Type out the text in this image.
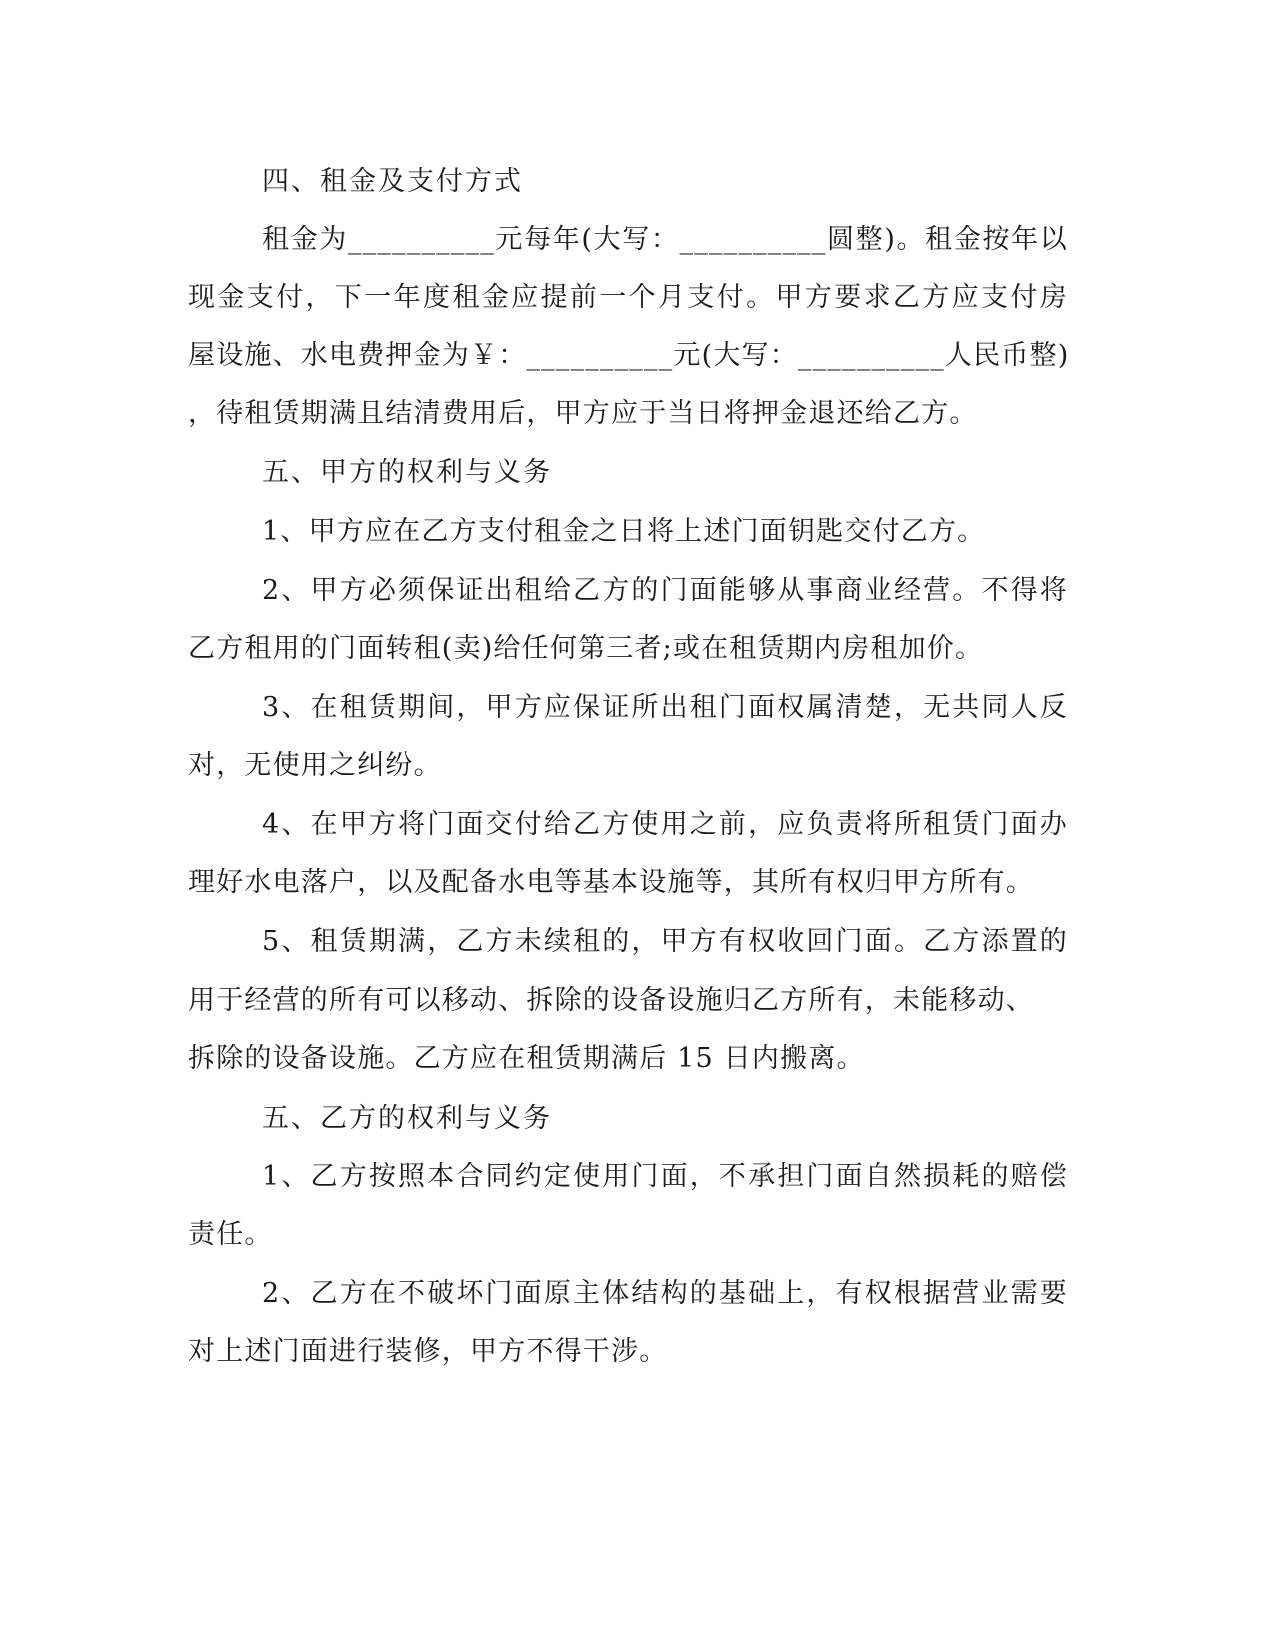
四、租金及支付方式
租金为__________元每年(大写：__________圆整)。租金按年以
现金支付，下一年度租金应提前一个月支付。甲方要求乙方应支付房
屋设施、水电费押金为￥：__________元(大写：__________人民币整)
，待租赁期满且结清费用后，甲方应于当日将押金退还给乙方。
五、甲方的权利与义务
1、甲方应在乙方支付租金之日将上述门面钥匙交付乙方。
2、甲方必须保证出租给乙方的门面能够从事商业经营。不得将
乙方租用的门面转租(卖)给任何第三者;或在租赁期内房租加价。
3、在租赁期间，甲方应保证所出租门面权属清楚，无共同人反
对，无使用之纠纷。
4、在甲方将门面交付给乙方使用之前，应负责将所租赁门面办
理好水电落户，以及配备水电等基本设施等，其所有权归甲方所有。
5、租赁期满，乙方未续租的，甲方有权收回门面。乙方添置的
用于经营的所有可以移动、拆除的设备设施归乙方所有，未能移动、
拆除的设备设施。乙方应在租赁期满后 15 日内搬离。
五、乙方的权利与义务
1、乙方按照本合同约定使用门面，不承担门面自然损耗的赔偿
责任。
2、乙方在不破坏门面原主体结构的基础上，有权根据营业需要
对上述门面进行装修，甲方不得干涉。
